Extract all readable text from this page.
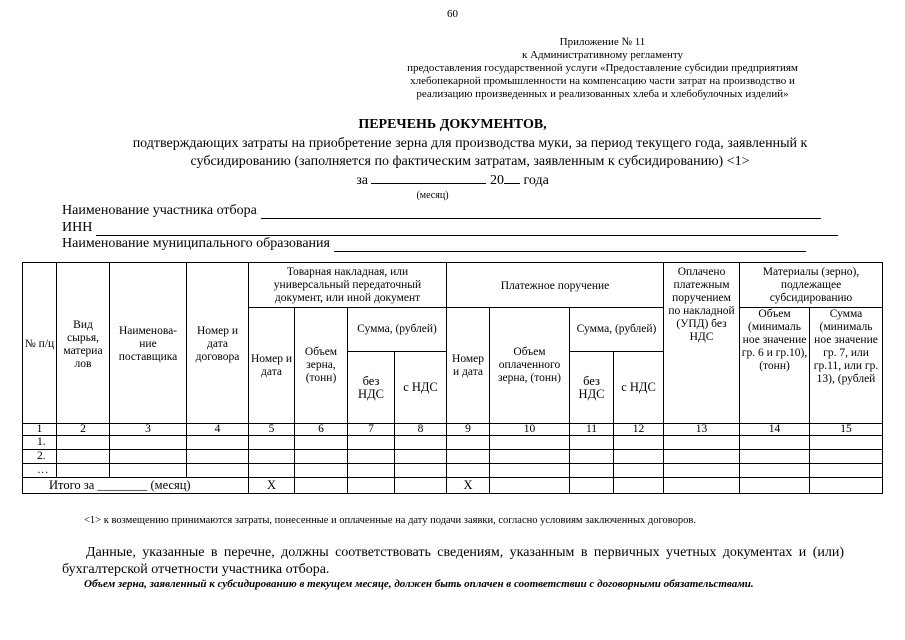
60
Приложение № 11
к Административному регламенту
предоставления государственной услуги «Предоставление субсидии предприятиям
хлебопекарной промышленности на компенсацию части затрат на производство и
реализацию произведенных и реализованных хлеба и хлебобулочных изделий»
ПЕРЕЧЕНЬ ДОКУМЕНТОВ,
подтверждающих затраты на приобретение зерна для производства муки, за период текущего года, заявленный к субсидированию (заполняется по фактическим затратам, заявленным к субсидированию) <1>
за	20 года
(месяц)
Наименование участника отбора
ИНН
Наименование муниципального образования
№ п/ц	Вид сырья, материа лов	Наименова-ние поставщика	Номер и дата договора	Товарная накладная, или универсальный передаточный документ, или иной документ				Платежное поручение				Оплачено платежным поручением по накладной (УПД) без НДС	Материалы (зерно), подлежащее субсидированию	
				Номер и дата	Объем зерна, (тонн)	Сумма, (рублей)		Номер и дата	Объем оплаченного зерна, (тонн)	Сумма, (рублей)			Объем (минималь ное значение гр. 6 и гр.10), (тонн)	Сумма (минималь ное значение гр. 7, или гр.11, или гр. 13), (рублей
						без НДС	с НДС			без НДС	с НДС			
1	2	3	4	5	6	7	8	9	10	11	12	13	14	15
1.														
2.														
…														
Итого за ________ (месяц)				X				X						
<1> к возмещению принимаются затраты, понесенные и оплаченные на дату подачи заявки, согласно условиям заключенных договоров.
Данные, указанные в перечне, должны соответствовать сведениям, указанным в первичных учетных документах и (или) бухгалтерской отчетности участника отбора.
Объем зерна, заявленный к субсидированию в текущем месяце, должен быть оплачен в соответствии с договорными обязательствами.
